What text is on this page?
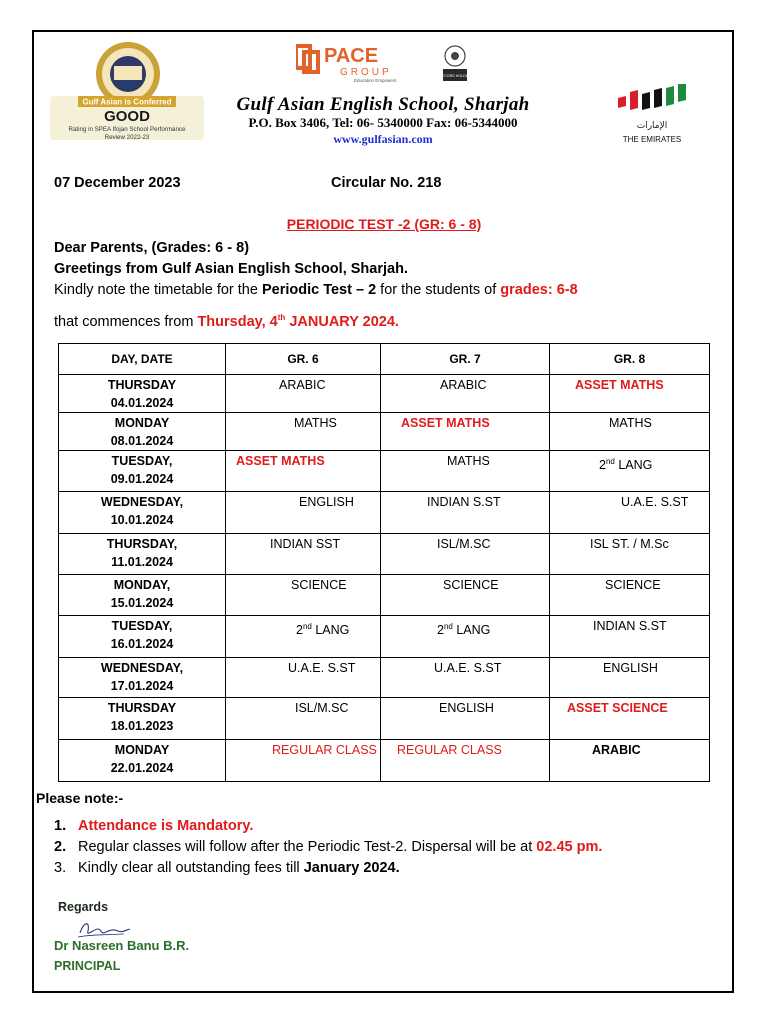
Gulf Asian is Conferred
GOOD
Rating in SPEA Ifojan School Performance
Review 2022-23
PACE
GROUP
Education Empowers
RECORD HOLDER
Gulf Asian English School, Sharjah
P.O. Box 3406, Tel: 06- 5340000 Fax: 06-5344000
www.gulfasian.com
الإمارات
THE EMIRATES
07 December 2023	Circular No. 218
PERIODIC TEST -2 (GR: 6 - 8)
Dear Parents, (Grades: 6 - 8)
Greetings from Gulf Asian English School, Sharjah.
Kindly note the timetable for the Periodic Test – 2 for the students of grades: 6-8
that commences from Thursday, 4th JANUARY 2024.
DAY, DATE	GR. 6	GR. 7	GR. 8

THURSDAY
04.01.2024	ARABIC	ARABIC	ASSET MATHS

MONDAY
08.01.2024	MATHS	ASSET MATHS	MATHS

TUESDAY,
09.01.2024	ASSET MATHS	MATHS	2nd LANG

WEDNESDAY,
10.01.2024	ENGLISH	INDIAN S.ST	U.A.E. S.ST

THURSDAY,
11.01.2024	INDIAN SST	ISL/M.SC	ISL ST. / M.Sc

MONDAY,
15.01.2024	SCIENCE	SCIENCE	SCIENCE

TUESDAY,
16.01.2024	2nd LANG	2nd LANG	INDIAN S.ST

WEDNESDAY,
17.01.2024	U.A.E. S.ST	U.A.E. S.ST	ENGLISH

THURSDAY
18.01.2023	ISL/M.SC	ENGLISH	ASSET SCIENCE

MONDAY
22.01.2024	REGULAR CLASS	REGULAR CLASS	ARABIC
Please note:-
1. Attendance is Mandatory.
2. Regular classes will follow after the Periodic Test-2. Dispersal will be at 02.45 pm.
3. Kindly clear all outstanding fees till January 2024.
Regards
Dr Nasreen Banu B.R.
PRINCIPAL
